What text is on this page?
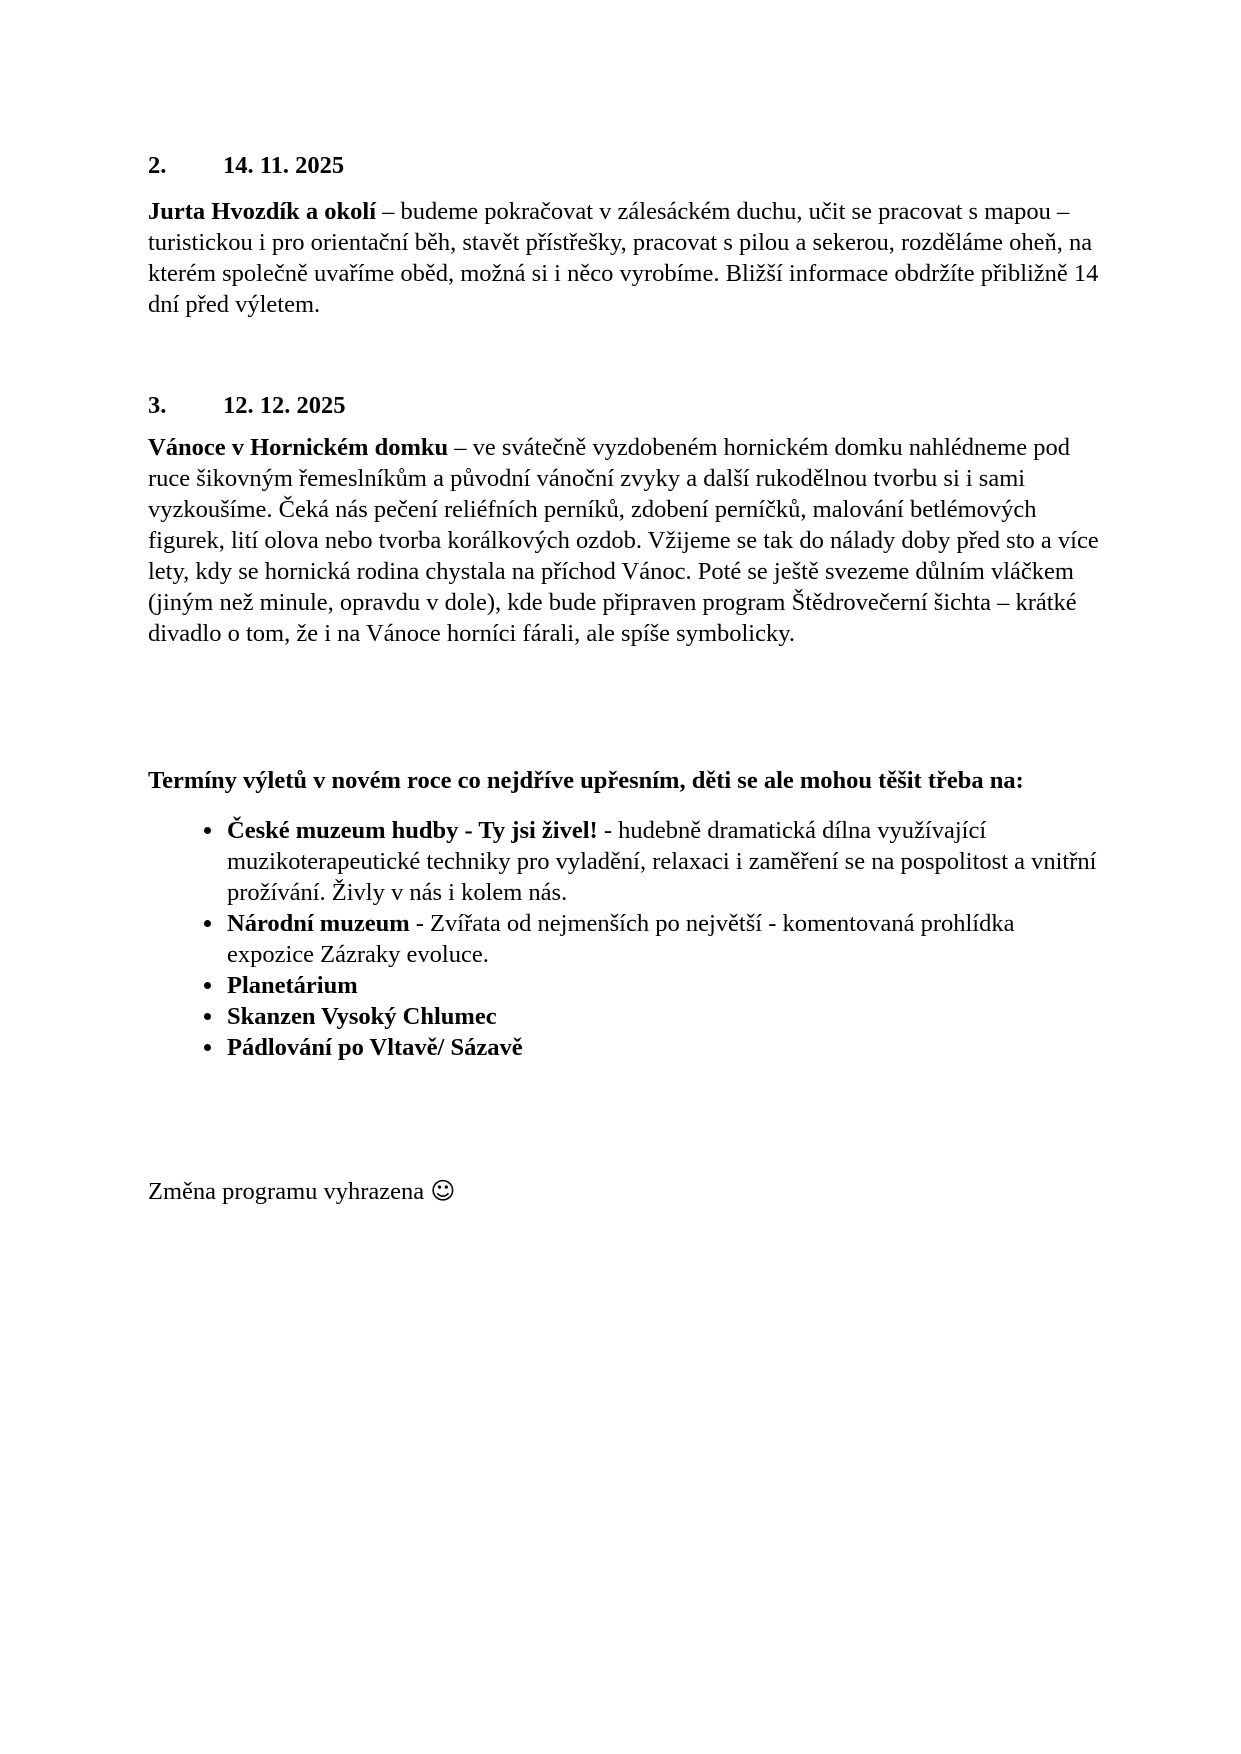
2. 14. 11. 2025

Jurta Hvozdík a okolí – budeme pokračovat v zálesáckém duchu, učit se pracovat s mapou – turistickou i pro orientační běh, stavět přístřešky, pracovat s pilou a sekerou, rozděláme oheň, na kterém společně uvaříme oběd, možná si i něco vyrobíme. Bližší informace obdržíte přibližně 14 dní před výletem.

3. 12. 12. 2025

Vánoce v Hornickém domku – ve svátečně vyzdobeném hornickém domku nahlédneme pod ruce šikovným řemeslníkům a původní vánoční zvyky a další rukodělnou tvorbu si i sami vyzkoušíme. Čeká nás pečení reliéfních perníků, zdobení perníčků, malování betlémových figurek, lití olova nebo tvorba korálkových ozdob. Vžijeme se tak do nálady doby před sto a více lety, kdy se hornická rodina chystala na příchod Vánoc. Poté se ještě svezeme důlním vláčkem (jiným než minule, opravdu v dole), kde bude připraven program Štědrovečerní šichta – krátké divadlo o tom, že i na Vánoce horníci fárali, ale spíše symbolicky.

Termíny výletů v novém roce co nejdříve upřesním, děti se ale mohou těšit třeba na:
• České muzeum hudby - Ty jsi živel! - hudebně dramatická dílna využívající muzikoterapeutické techniky pro vyladění, relaxaci i zaměření se na pospolitost a vnitřní prožívání. Živly v nás i kolem nás.
• Národní muzeum - Zvířata od nejmenších po největší - komentovaná prohlídka expozice Zázraky evoluce.
• Planetárium
• Skanzen Vysoký Chlumec
• Pádlování po Vltavě/ Sázavě
Změna programu vyhrazena ☺
